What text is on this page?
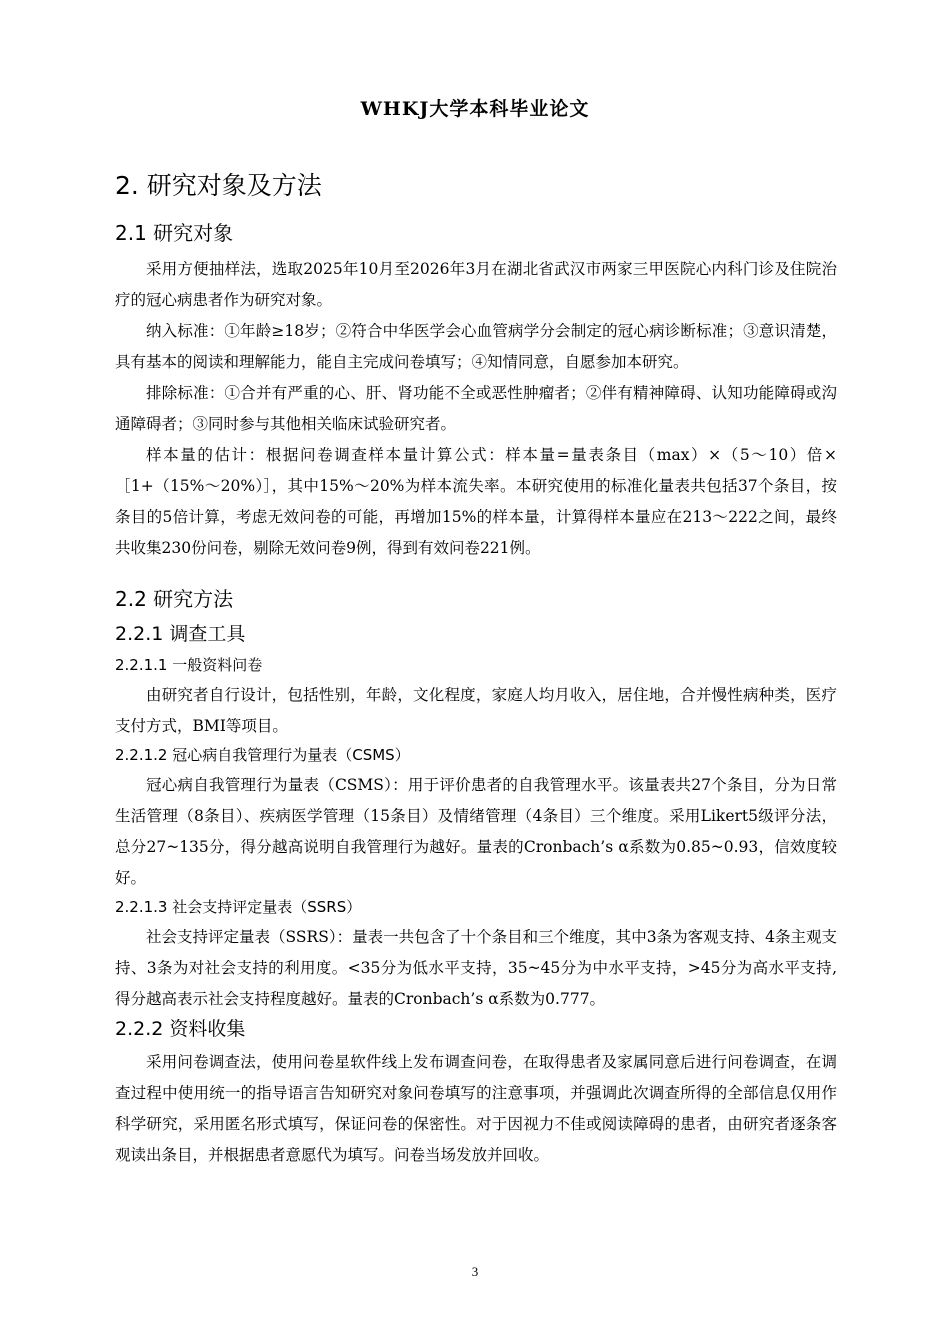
WHKJ大学本科毕业论文
2. 研究对象及方法
2.1 研究对象

采用方便抽样法，选取2025年10月至2026年3月在湖北省武汉市两家三甲医院心内科门诊及住院治疗的冠心病患者作为研究对象。

纳入标准：①年龄≥18岁；②符合中华医学会心血管病学分会制定的冠心病诊断标准；③意识清楚，具有基本的阅读和理解能力，能自主完成问卷填写；④知情同意，自愿参加本研究。

排除标准：①合并有严重的心、肝、肾功能不全或恶性肿瘤者；②伴有精神障碍、认知功能障碍或沟通障碍者；③同时参与其他相关临床试验研究者。

样本量的估计：根据问卷调查样本量计算公式：样本量=量表条目（max）×（5～10）倍×［1+（15%～20%）］，其中15%～20%为样本流失率。本研究使用的标准化量表共包括37个条目，按条目的5倍计算，考虑无效问卷的可能，再增加15%的样本量，计算得样本量应在213～222之间，最终共收集230份问卷，剔除无效问卷9例，得到有效问卷221例。

2.2 研究方法
2.2.1 调查工具
2.2.1.1 一般资料问卷

由研究者自行设计，包括性别，年龄，文化程度，家庭人均月收入，居住地，合并慢性病种类，医疗支付方式，BMI等项目。

2.2.1.2 冠心病自我管理行为量表（CSMS）

冠心病自我管理行为量表（CSMS）：用于评价患者的自我管理水平。该量表共27个条目，分为日常生活管理（8条目）、疾病医学管理（15条目）及情绪管理（4条目）三个维度。采用Likert5级评分法，总分27~135分，得分越高说明自我管理行为越好。量表的Cronbach’s α系数为0.85~0.93，信效度较好。

2.2.1.3 社会支持评定量表（SSRS）

社会支持评定量表（SSRS）：量表一共包含了十个条目和三个维度，其中3条为客观支持、4条主观支持、3条为对社会支持的利用度。<35分为低水平支持，35~45分为中水平支持，>45分为高水平支持, 得分越高表示社会支持程度越好。量表的Cronbach’s α系数为0.777。

2.2.2 资料收集

采用问卷调查法，使用问卷星软件线上发布调查问卷，在取得患者及家属同意后进行问卷调查，在调查过程中使用统一的指导语言告知研究对象问卷填写的注意事项，并强调此次调查所得的全部信息仅用作科学研究，采用匿名形式填写，保证问卷的保密性。对于因视力不佳或阅读障碍的患者，由研究者逐条客观读出条目，并根据患者意愿代为填写。问卷当场发放并回收。

3
